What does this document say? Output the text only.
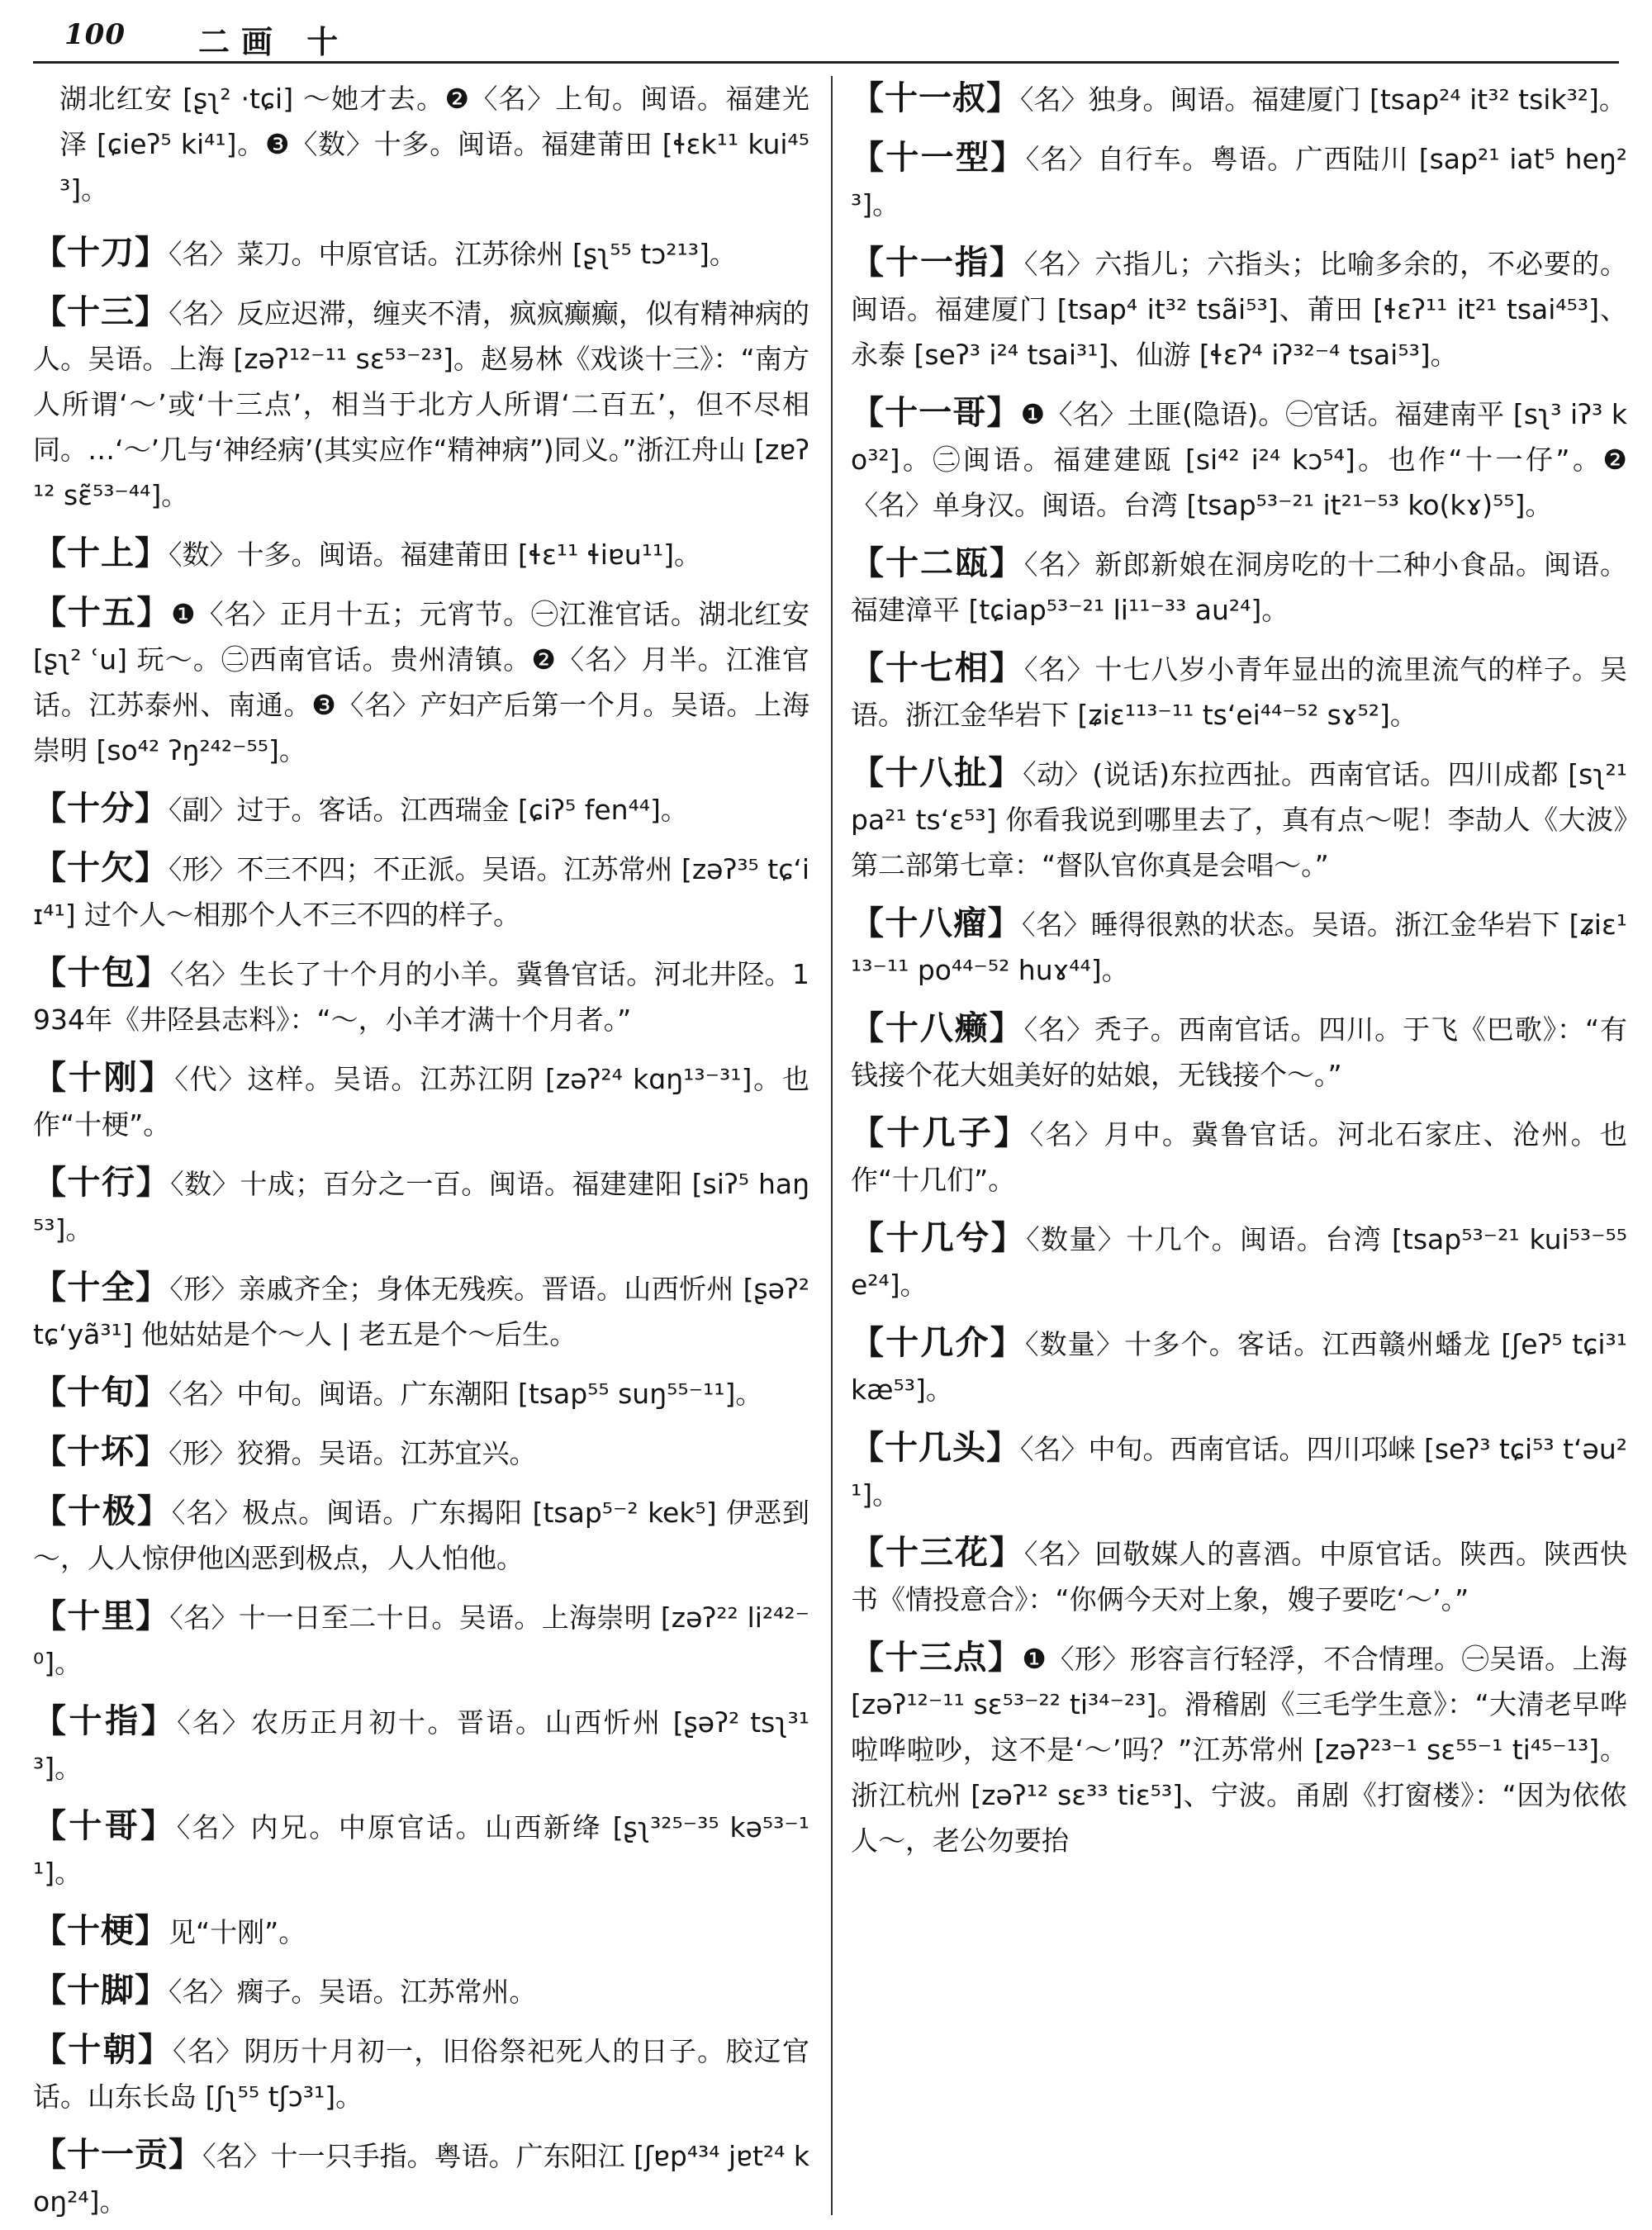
100 二画 十

湖北红安 [ʂʅ² ·tɕi] ～她才去。❷〈名〉上旬。闽语。福建光泽 [ɕieʔ⁵ ki⁴¹]。❸〈数〉十多。闽语。福建莆田 [ɬɛk¹¹ kui⁴⁵³]。

【十刀】〈名〉菜刀。中原官话。江苏徐州 [ʂʅ⁵⁵ tɔ²¹³]。

【十三】〈名〉反应迟滞，缠夹不清，疯疯癫癫，似有精神病的人。吴语。上海 [zəʔ¹²⁻¹¹ sɛ⁵³⁻²³]。赵易林《戏谈十三》：“南方人所谓‘～’或‘十三点’，相当于北方人所谓‘二百五’，但不尽相同。…‘～’几与‘神经病’(其实应作“精神病”)同义。”浙江舟山 [zɐʔ¹² sɛ̃⁵³⁻⁴⁴]。

【十上】〈数〉十多。闽语。福建莆田 [ɬɛ¹¹ ɬiɐu¹¹]。

【十五】❶〈名〉正月十五；元宵节。㊀江淮官话。湖北红安 [ʂʅ² ʿu] 玩～。㊁西南官话。贵州清镇。❷〈名〉月半。江淮官话。江苏泰州、南通。❸〈名〉产妇产后第一个月。吴语。上海崇明 [so⁴² ʔŋ²⁴²⁻⁵⁵]。

【十分】〈副〉过于。客话。江西瑞金 [ɕiʔ⁵ fen⁴⁴]。

【十欠】〈形〉不三不四；不正派。吴语。江苏常州 [zəʔ³⁵ tɕʻiɪ⁴¹] 过个人～相那个人不三不四的样子。

【十包】〈名〉生长了十个月的小羊。冀鲁官话。河北井陉。1934年《井陉县志料》：“～，小羊才满十个月者。”

【十刚】〈代〉这样。吴语。江苏江阴 [zəʔ²⁴ kɑŋ¹³⁻³¹]。也作“十梗”。

【十行】〈数〉十成；百分之一百。闽语。福建建阳 [siʔ⁵ haŋ⁵³]。

【十全】〈形〉亲戚齐全；身体无残疾。晋语。山西忻州 [ʂəʔ² tɕʻyã³¹] 他姑姑是个～人 | 老五是个～后生。

【十旬】〈名〉中旬。闽语。广东潮阳 [tsap⁵⁵ suŋ⁵⁵⁻¹¹]。

【十坏】〈形〉狡猾。吴语。江苏宜兴。

【十极】〈名〉极点。闽语。广东揭阳 [tsap⁵⁻² kek⁵] 伊恶到～，人人惊伊他凶恶到极点，人人怕他。

【十里】〈名〉十一日至二十日。吴语。上海崇明 [zəʔ²² li²⁴²⁻⁰]。

【十指】〈名〉农历正月初十。晋语。山西忻州 [ʂəʔ² tsʅ³¹³]。

【十哥】〈名〉内兄。中原官话。山西新绛 [ʂʅ³²⁵⁻³⁵ kə⁵³⁻¹¹]。

【十梗】见“十刚”。

【十脚】〈名〉瘸子。吴语。江苏常州。

【十朝】〈名〉阴历十月初一，旧俗祭祀死人的日子。胶辽官话。山东长岛 [ʃʅ⁵⁵ tʃɔ³¹]。

【十一贡】〈名〉十一只手指。粤语。广东阳江 [ʃɐp⁴³⁴ jɐt²⁴ koŋ²⁴]。

【十一叔】〈名〉独身。闽语。福建厦门 [tsap²⁴ it³² tsik³²]。

【十一型】〈名〉自行车。粤语。广西陆川 [sap²¹ iat⁵ heŋ²³]。

【十一指】〈名〉六指儿；六指头；比喻多余的，不必要的。闽语。福建厦门 [tsap⁴ it³² tsãi⁵³]、莆田 [ɬɛʔ¹¹ it²¹ tsai⁴⁵³]、永泰 [seʔ³ i²⁴ tsai³¹]、仙游 [ɬɛʔ⁴ iʔ³²⁻⁴ tsai⁵³]。

【十一哥】❶〈名〉土匪(隐语)。㊀官话。福建南平 [sʅ³ iʔ³ ko³²]。㊁闽语。福建建瓯 [si⁴² i²⁴ kɔ⁵⁴]。也作“十一仔”。❷〈名〉单身汉。闽语。台湾 [tsap⁵³⁻²¹ it²¹⁻⁵³ ko(kɤ)⁵⁵]。

【十二瓯】〈名〉新郎新娘在洞房吃的十二种小食品。闽语。福建漳平 [tɕiap⁵³⁻²¹ li¹¹⁻³³ au²⁴]。

【十七相】〈名〉十七八岁小青年显出的流里流气的样子。吴语。浙江金华岩下 [ʑiɛ¹¹³⁻¹¹ tsʻei⁴⁴⁻⁵² sɤ⁵²]。

【十八扯】〈动〉(说话)东拉西扯。西南官话。四川成都 [sʅ²¹ pa²¹ tsʻɛ⁵³] 你看我说到哪里去了，真有点～呢！李劼人《大波》第二部第七章：“督队官你真是会唱～。”

【十八瘤】〈名〉睡得很熟的状态。吴语。浙江金华岩下 [ʑiɛ¹¹³⁻¹¹ po⁴⁴⁻⁵² huɤ⁴⁴]。

【十八癞】〈名〉秃子。西南官话。四川。于飞《巴歌》：“有钱接个花大姐美好的姑娘，无钱接个～。”

【十几子】〈名〉月中。冀鲁官话。河北石家庄、沧州。也作“十几们”。

【十几兮】〈数量〉十几个。闽语。台湾 [tsap⁵³⁻²¹ kui⁵³⁻⁵⁵ e²⁴]。

【十几介】〈数量〉十多个。客话。江西赣州蟠龙 [ʃeʔ⁵ tɕi³¹ kæ⁵³]。

【十几头】〈名〉中旬。西南官话。四川邛崃 [seʔ³ tɕi⁵³ tʻəu²¹]。

【十三花】〈名〉回敬媒人的喜酒。中原官话。陕西。陕西快书《情投意合》：“你俩今天对上象，嫂子要吃‘～’。”

【十三点】❶〈形〉形容言行轻浮，不合情理。㊀吴语。上海 [zəʔ¹²⁻¹¹ sɛ⁵³⁻²² ti³⁴⁻²³]。滑稽剧《三毛学生意》：“大清老早哗啦哗啦吵，这不是‘～’吗？”江苏常州 [zəʔ²³⁻¹ sɛ⁵⁵⁻¹ ti⁴⁵⁻¹³]。浙江杭州 [zəʔ¹² sɛ³³ tiɛ⁵³]、宁波。甬剧《打窗楼》：“因为依侬人～，老公勿要抬
